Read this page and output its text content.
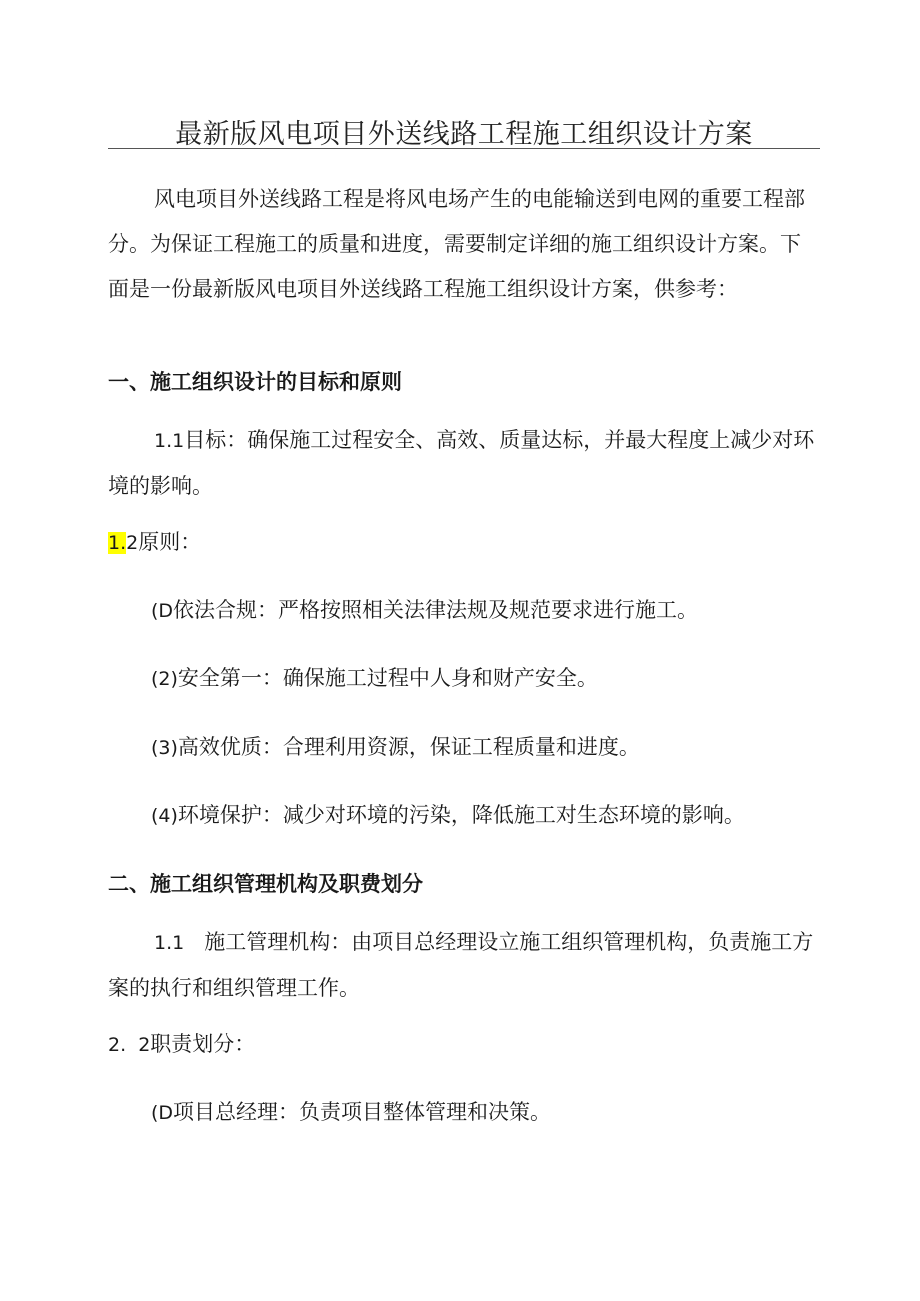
最新版风电项目外送线路工程施工组织设计方案

风电项目外送线路工程是将风电场产生的电能输送到电网的重要工程部分。为保证工程施工的质量和进度，需要制定详细的施工组织设计方案。下面是一份最新版风电项目外送线路工程施工组织设计方案，供参考：

一、施工组织设计的目标和原则

1.1目标：确保施工过程安全、高效、质量达标，并最大程度上减少对环境的影响。

1.2原则：

(D依法合规：严格按照相关法律法规及规范要求进行施工。

(2)安全第一：确保施工过程中人身和财产安全。

(3)高效优质：合理利用资源，保证工程质量和进度。

(4)环境保护：减少对环境的污染，降低施工对生态环境的影响。

二、施工组织管理机构及职费划分

1.1 施工管理机构：由项目总经理设立施工组织管理机构，负责施工方案的执行和组织管理工作。

2.  2职责划分：

(D项目总经理：负责项目整体管理和决策。
